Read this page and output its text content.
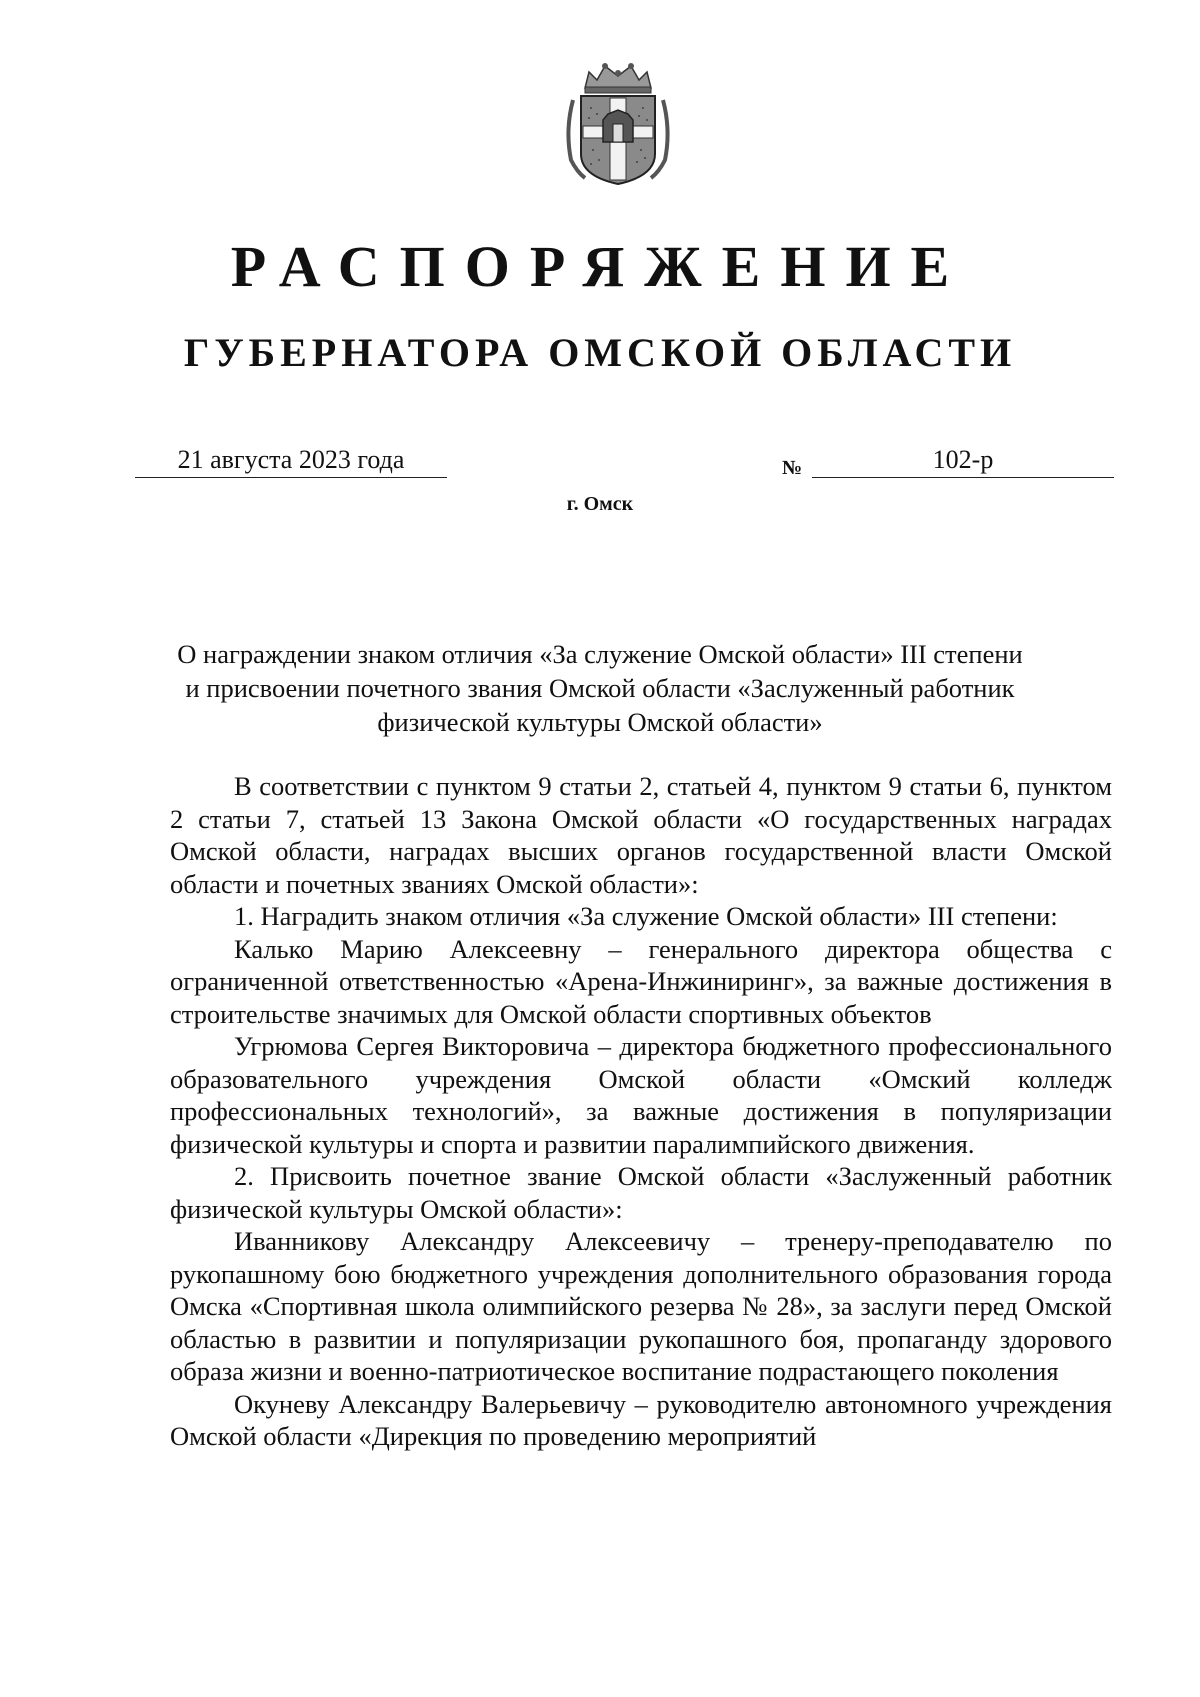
РАСПОРЯЖЕНИЕ
ГУБЕРНАТОРА ОМСКОЙ ОБЛАСТИ
21 августа 2023 года	№	102-р
г. Омск
О награждении знаком отличия «За служение Омской области» III степени
и присвоении почетного звания Омской области «Заслуженный работник
физической культуры Омской области»

В соответствии с пунктом 9 статьи 2, статьей 4, пунктом 9 статьи 6, пунктом 2 статьи 7, статьей 13 Закона Омской области «О государственных наградах Омской области, наградах высших органов государственной власти Омской области и почетных званиях Омской области»:

1. Наградить знаком отличия «За служение Омской области» III степени:

Калько Марию Алексеевну – генерального директора общества с ограниченной ответственностью «Арена-Инжиниринг», за важные достижения в строительстве значимых для Омской области спортивных объектов

Угрюмова Сергея Викторовича – директора бюджетного профессионального образовательного учреждения Омской области «Омский колледж профессиональных технологий», за важные достижения в популяризации физической культуры и спорта и развитии паралимпийского движения.

2. Присвоить почетное звание Омской области «Заслуженный работник физической культуры Омской области»:

Иванникову Александру Алексеевичу – тренеру-преподавателю по рукопашному бою бюджетного учреждения дополнительного образования города Омска «Спортивная школа олимпийского резерва № 28», за заслуги перед Омской областью в развитии и популяризации рукопашного боя, пропаганду здорового образа жизни и военно-патриотическое воспитание подрастающего поколения

Окуневу Александру Валерьевичу – руководителю автономного учреждения Омской области «Дирекция по проведению мероприятий
